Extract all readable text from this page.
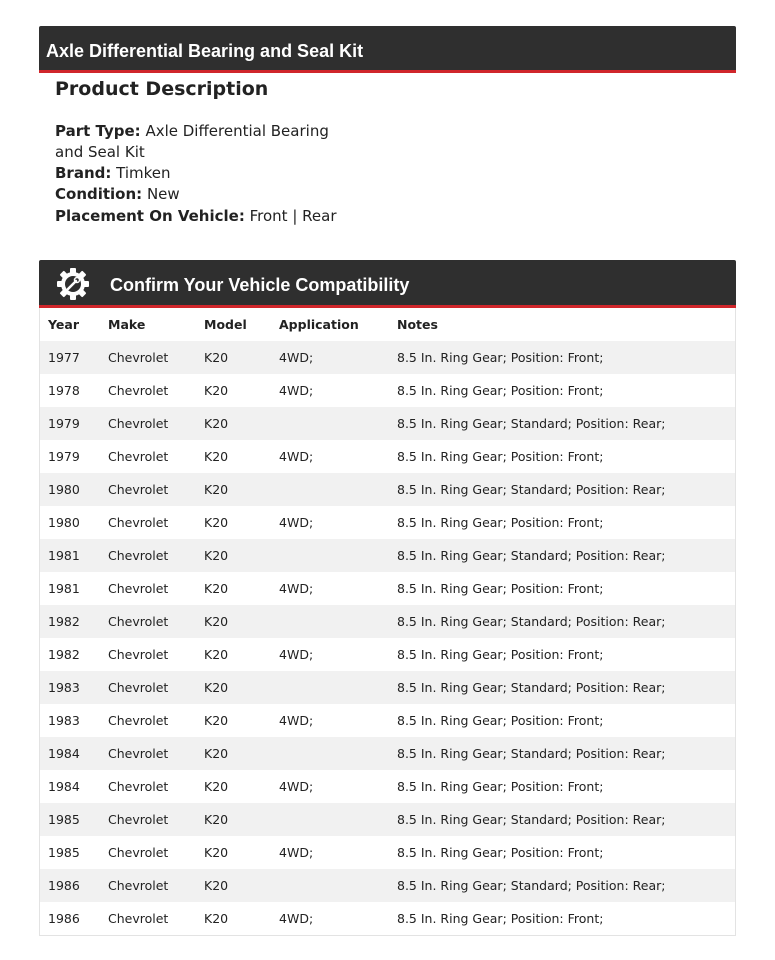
Axle Differential Bearing and Seal Kit
Product Description
Part Type: Axle Differential Bearing and Seal Kit
Brand: Timken
Condition: New
Placement On Vehicle: Front | Rear
Confirm Your Vehicle Compatibility
Year	Make	Model	Application	Notes
1977	Chevrolet	K20	4WD;	8.5 In. Ring Gear; Position: Front;
1978	Chevrolet	K20	4WD;	8.5 In. Ring Gear; Position: Front;
1979	Chevrolet	K20		8.5 In. Ring Gear; Standard; Position: Rear;
1979	Chevrolet	K20	4WD;	8.5 In. Ring Gear; Position: Front;
1980	Chevrolet	K20		8.5 In. Ring Gear; Standard; Position: Rear;
1980	Chevrolet	K20	4WD;	8.5 In. Ring Gear; Position: Front;
1981	Chevrolet	K20		8.5 In. Ring Gear; Standard; Position: Rear;
1981	Chevrolet	K20	4WD;	8.5 In. Ring Gear; Position: Front;
1982	Chevrolet	K20		8.5 In. Ring Gear; Standard; Position: Rear;
1982	Chevrolet	K20	4WD;	8.5 In. Ring Gear; Position: Front;
1983	Chevrolet	K20		8.5 In. Ring Gear; Standard; Position: Rear;
1983	Chevrolet	K20	4WD;	8.5 In. Ring Gear; Position: Front;
1984	Chevrolet	K20		8.5 In. Ring Gear; Standard; Position: Rear;
1984	Chevrolet	K20	4WD;	8.5 In. Ring Gear; Position: Front;
1985	Chevrolet	K20		8.5 In. Ring Gear; Standard; Position: Rear;
1985	Chevrolet	K20	4WD;	8.5 In. Ring Gear; Position: Front;
1986	Chevrolet	K20		8.5 In. Ring Gear; Standard; Position: Rear;
1986	Chevrolet	K20	4WD;	8.5 In. Ring Gear; Position: Front;
